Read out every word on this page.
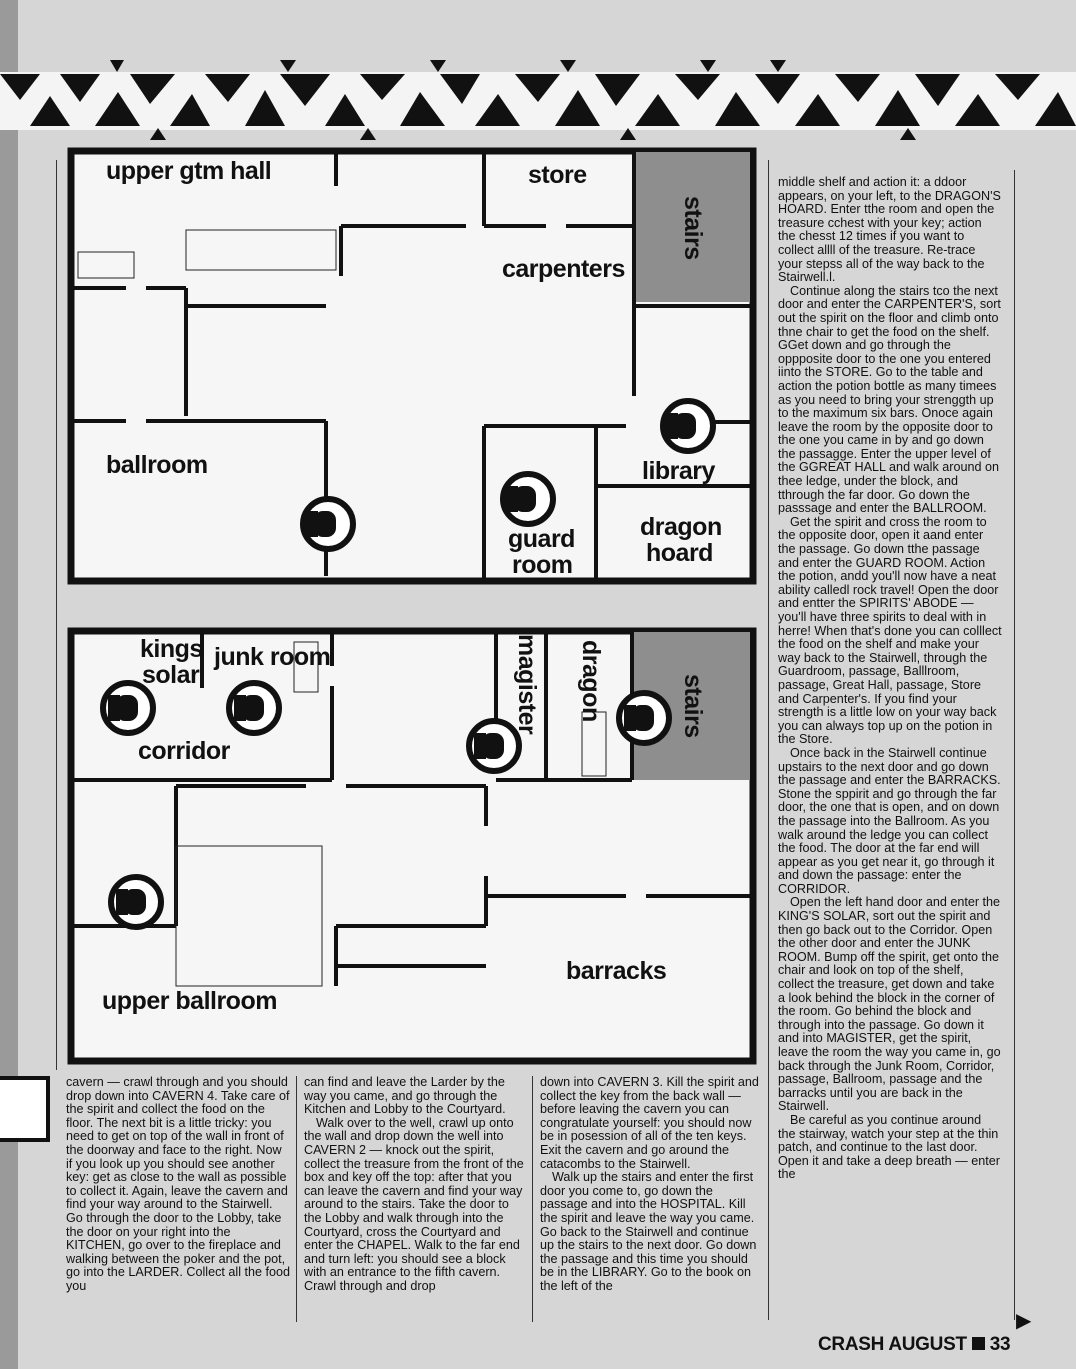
upper gtm hall	store
stairs
carpenters
ballroom	library
dragon
hoard
guard
room
kings
solar
junk room	magister dragon	stairs
corridor
barracks
upper ballroom

middle shelf and action it: a ddoor appears, on your left, to the DRAGON'S HOARD. Enter tthe room and open the treasure cchest with your key; action the chesst 12 times if you want to collect allll of the treasure. Re-trace your stepss all of the way back to the Stairwell.l.

Continue along the stairs tco the next door and enter the CARPENTER'S, sort out the spirit on the floor and climb onto thne chair to get the food on the shelf. GGet down and go through the oppposite door to the one you entered iinto the STORE. Go to the table and action the potion bottle as many timees as you need to bring your strenggth up to the maximum six bars. Onoce again leave the room by the opposite door to the one you came in by and go down the passagge. Enter the upper level of the GGREAT HALL and walk around on thee ledge, under the block, and tthrough the far door. Go down the passsage and enter the BALLROOM.

Get the spirit and cross the room to the opposite door, open it aand enter the passage. Go down tthe passage and enter the GUARD ROOM. Action the potion, andd you'll now have a neat ability calledl rock travel! Open the door and entter the SPIRITS' ABODE — you'll have three spirits to deal with in herre! When that's done you can colllect the food on the shelf and make your way back to the Stairwell, through the Guardroom, passage, Balllroom, passage, Great Hall, passage, Store and Carpenter's. If you find your strength is a little low on your way back you can always top up on the potion in the Store.

Once back in the Stairwell continue upstairs to the next door and go down the passage and enter the BARRACKS. Stone the sppirit and go through the far door, the one that is open, and on down the passage into the Ballroom. As you walk around the ledge you can collect the food. The door at the far end will appear as you get near it, go through it and down the passage: enter the CORRIDOR.

Open the left hand door and enter the KING'S SOLAR, sort out the spirit and then go back out to the Corridor. Open the other door and enter the JUNK ROOM. Bump off the spirit, get onto the chair and look on top of the shelf, collect the treasure, get down and take a look behind the block in the corner of the room. Go behind the block and through into the passage. Go down it and into MAGISTER, get the spirit, leave the room the way you came in, go back through the Junk Room, Corridor, passage, Ballroom, passage and the barracks until you are back in the Stairwell.

Be careful as you continue around the stairway, watch your step at the thin patch, and continue to the last door. Open it and take a deep breath — enter the

cavern — crawl through and you should drop down into CAVERN 4. Take care of the spirit and collect the food on the floor. The next bit is a little tricky: you need to get on top of the wall in front of the doorway and face to the right. Now if you look up you should see another key: get as close to the wall as possible to collect it. Again, leave the cavern and find your way around to the Stairwell. Go through the door to the Lobby, take the door on your right into the KITCHEN, go over to the fireplace and walking between the poker and the pot, go into the LARDER. Collect all the food you

can find and leave the Larder by the way you came, and go through the Kitchen and Lobby to the Courtyard.

Walk over to the well, crawl up onto the wall and drop down the well into CAVERN 2 — knock out the spirit, collect the treasure from the front of the box and key off the top: after that you can leave the cavern and find your way around to the stairs. Take the door to the Lobby and walk through into the Courtyard, cross the Courtyard and enter the CHAPEL. Walk to the far end and turn left: you should see a block with an entrance to the fifth cavern. Crawl through and drop

down into CAVERN 3. Kill the spirit and collect the key from the back wall — before leaving the cavern you can congratulate yourself: you should now be in posession of all of the ten keys. Exit the cavern and go around the catacombs to the Stairwell.

Walk up the stairs and enter the first door you come to, go down the passage and into the HOSPITAL. Kill the spirit and leave the way you came. Go back to the Stairwell and continue up the stairs to the next door. Go down the passage and this time you should be in the LIBRARY. Go to the book on the left of the

▶
CRASH AUGUST 33
